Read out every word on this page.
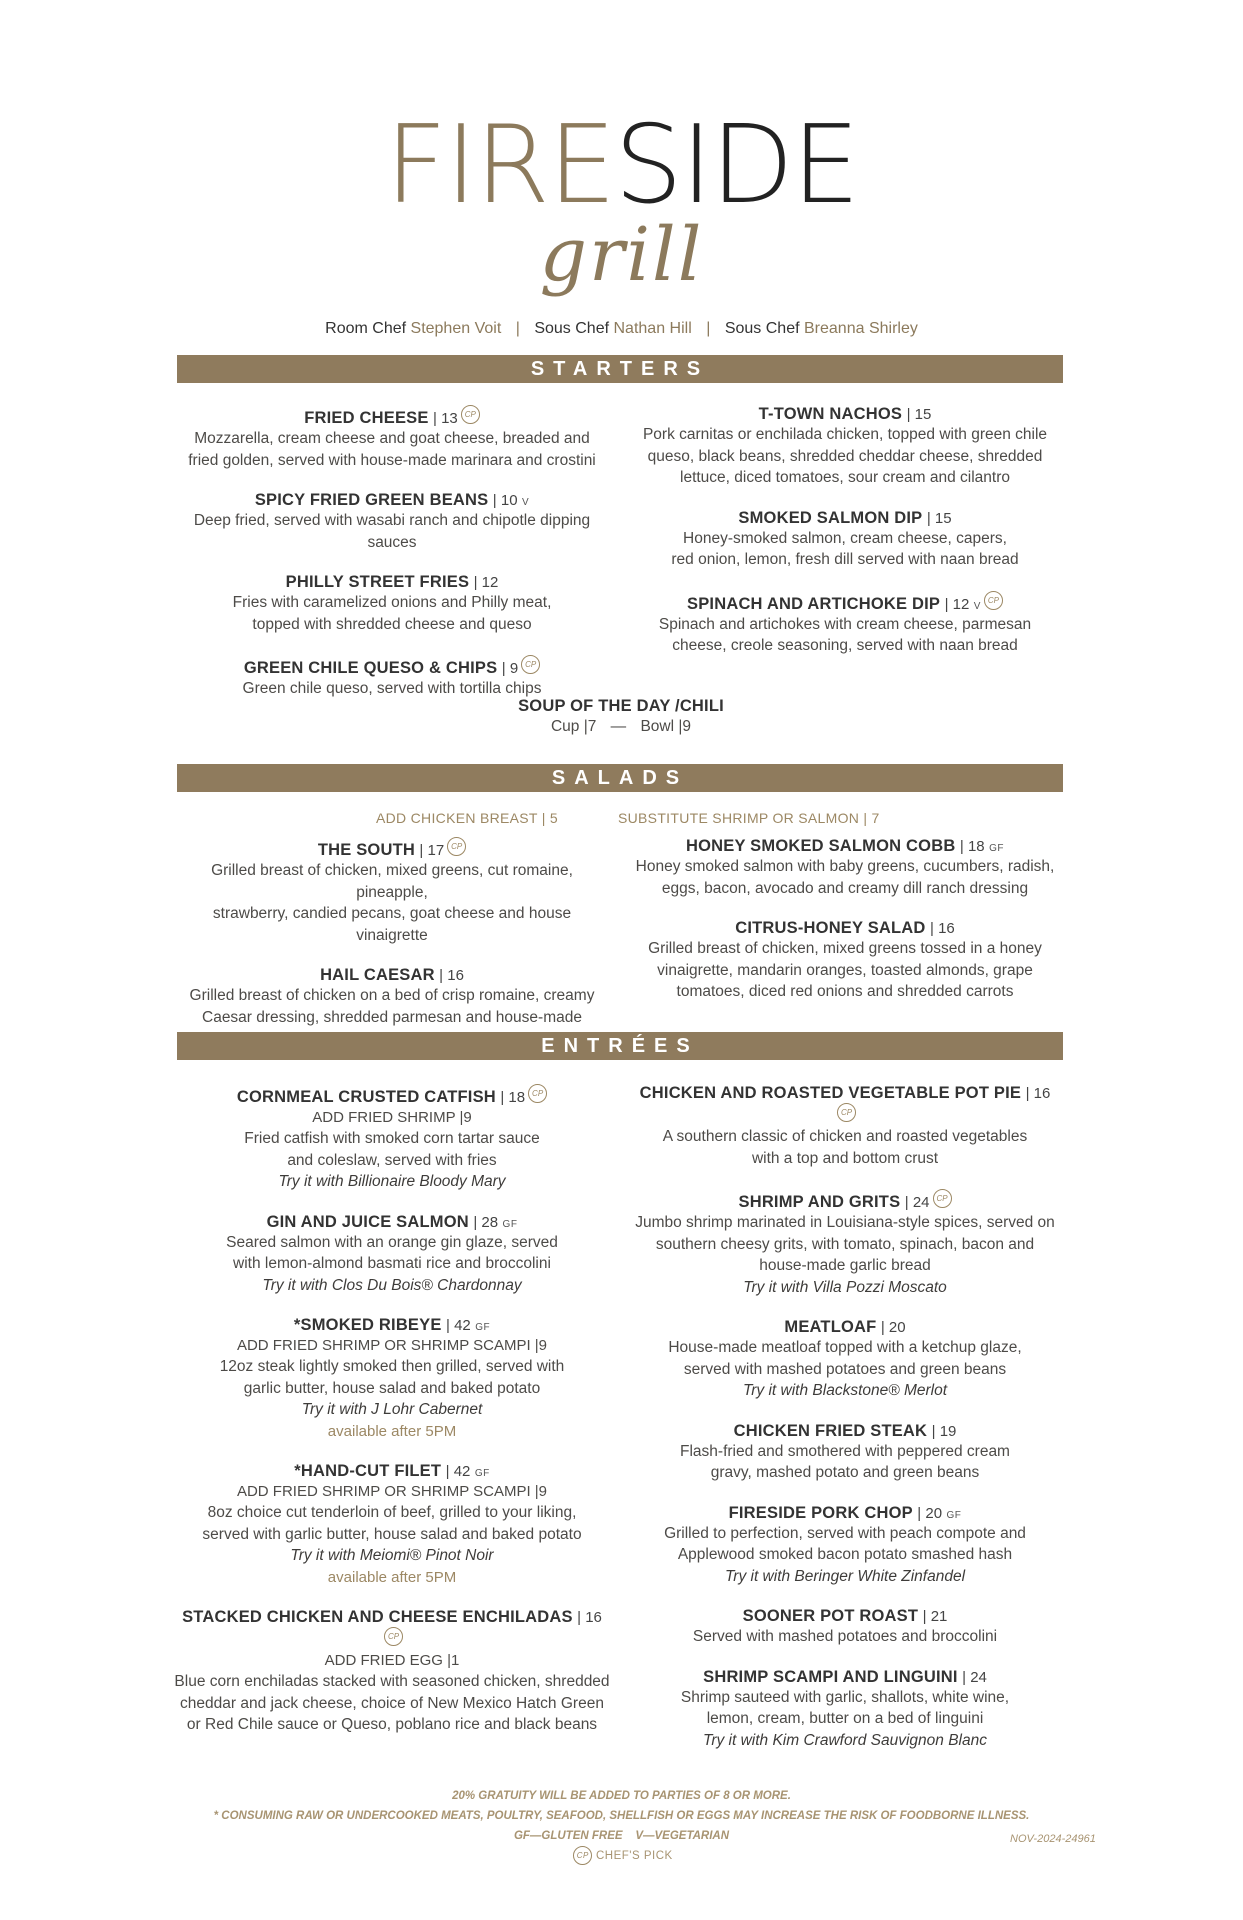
FIRESIDE
grill
Room Chef Stephen Voit | Sous Chef Nathan Hill | Sous Chef Breanna Shirley
STARTERS
FRIED CHEESE | 13 CP
Mozzarella, cream cheese and goat cheese, breaded and
fried golden, served with house-made marinara and crostini
SPICY FRIED GREEN BEANS | 10 V
Deep fried, served with wasabi ranch and chipotle dipping sauces
PHILLY STREET FRIES | 12
Fries with caramelized onions and Philly meat,
topped with shredded cheese and queso
GREEN CHILE QUESO & CHIPS | 9 CP
Green chile queso, served with tortilla chips
T-TOWN NACHOS | 15
Pork carnitas or enchilada chicken, topped with green chile
queso, black beans, shredded cheddar cheese, shredded
lettuce, diced tomatoes, sour cream and cilantro
SMOKED SALMON DIP | 15
Honey-smoked salmon, cream cheese, capers,
red onion, lemon, fresh dill served with naan bread
SPINACH AND ARTICHOKE DIP | 12 VCP
Spinach and artichokes with cream cheese, parmesan
cheese, creole seasoning, served with naan bread
SOUP OF THE DAY /CHILI
Cup |7 — Bowl |9
SALADS
ADD CHICKEN BREAST | 5	SUBSTITUTE SHRIMP OR SALMON | 7
THE SOUTH | 17 CP
Grilled breast of chicken, mixed greens, cut romaine, pineapple,
strawberry, candied pecans, goat cheese and house vinaigrette
HAIL CAESAR | 16
Grilled breast of chicken on a bed of crisp romaine, creamy
Caesar dressing, shredded parmesan and house-made
HONEY SMOKED SALMON COBB | 18 GF
Honey smoked salmon with baby greens, cucumbers, radish,
eggs, bacon, avocado and creamy dill ranch dressing
CITRUS-HONEY SALAD | 16
Grilled breast of chicken, mixed greens tossed in a honey
vinaigrette, mandarin oranges, toasted almonds, grape
tomatoes, diced red onions and shredded carrots
ENTRÉES
CORNMEAL CRUSTED CATFISH | 18 CP
ADD FRIED SHRIMP |9
Fried catfish with smoked corn tartar sauce
and coleslaw, served with fries
Try it with Billionaire Bloody Mary
GIN AND JUICE SALMON | 28 GF
Seared salmon with an orange gin glaze, served
with lemon-almond basmati rice and broccolini
Try it with Clos Du Bois® Chardonnay
*SMOKED RIBEYE | 42 GF
ADD FRIED SHRIMP OR SHRIMP SCAMPI |9
12oz steak lightly smoked then grilled, served with
garlic butter, house salad and baked potato
Try it with J Lohr Cabernet
available after 5PM
*HAND-CUT FILET | 42 GF
ADD FRIED SHRIMP OR SHRIMP SCAMPI |9
8oz choice cut tenderloin of beef, grilled to your liking,
served with garlic butter, house salad and baked potato
Try it with Meiomi® Pinot Noir
available after 5PM
STACKED CHICKEN AND CHEESE ENCHILADAS | 16CP
ADD FRIED EGG |1
Blue corn enchiladas stacked with seasoned chicken, shredded
cheddar and jack cheese, choice of New Mexico Hatch Green
or Red Chile sauce or Queso, poblano rice and black beans
CHICKEN AND ROASTED VEGETABLE POT PIE | 16CP
A southern classic of chicken and roasted vegetables
with a top and bottom crust
SHRIMP AND GRITS | 24 CP
Jumbo shrimp marinated in Louisiana-style spices, served on
southern cheesy grits, with tomato, spinach, bacon and
house-made garlic bread
Try it with Villa Pozzi Moscato
MEATLOAF | 20
House-made meatloaf topped with a ketchup glaze,
served with mashed potatoes and green beans
Try it with Blackstone® Merlot
CHICKEN FRIED STEAK | 19
Flash-fried and smothered with peppered cream
gravy, mashed potato and green beans
FIRESIDE PORK CHOP | 20 GF
Grilled to perfection, served with peach compote and
Applewood smoked bacon potato smashed hash
Try it with Beringer White Zinfandel
SOONER POT ROAST | 21
Served with mashed potatoes and broccolini
SHRIMP SCAMPI AND LINGUINI | 24
Shrimp sauteed with garlic, shallots, white wine,
lemon, cream, butter on a bed of linguini
Try it with Kim Crawford Sauvignon Blanc
20% GRATUITY WILL BE ADDED TO PARTIES OF 8 OR MORE.
* CONSUMING RAW OR UNDERCOOKED MEATS, POULTRY, SEAFOOD, SHELLFISH OR EGGS MAY INCREASE THE RISK OF FOODBORNE ILLNESS.
GF—GLUTEN FREE    V—VEGETARIAN
CP CHEF'S PICK
NOV-2024-24961
